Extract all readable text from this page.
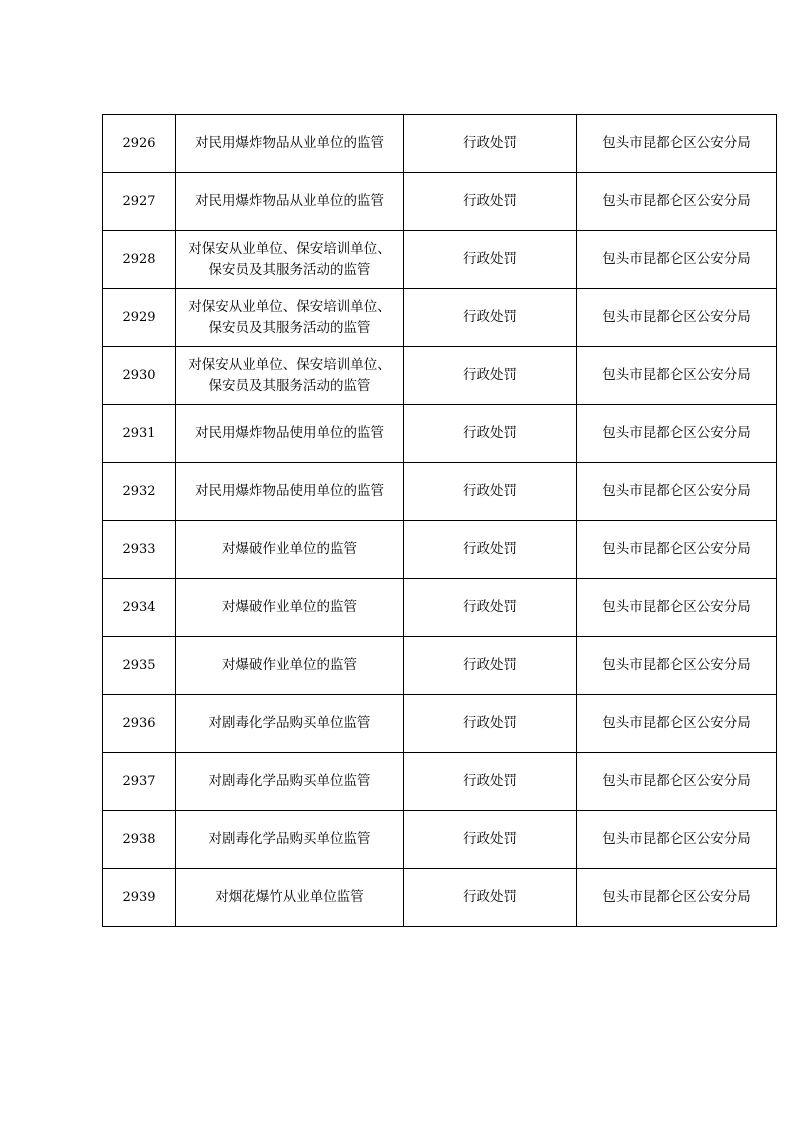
2926	对民用爆炸物品从业单位的监管	行政处罚	包头市昆都仑区公安分局
2927	对民用爆炸物品从业单位的监管	行政处罚	包头市昆都仑区公安分局
2928	对保安从业单位、保安培训单位、保安员及其服务活动的监管	行政处罚	包头市昆都仑区公安分局
2929	对保安从业单位、保安培训单位、保安员及其服务活动的监管	行政处罚	包头市昆都仑区公安分局
2930	对保安从业单位、保安培训单位、保安员及其服务活动的监管	行政处罚	包头市昆都仑区公安分局
2931	对民用爆炸物品使用单位的监管	行政处罚	包头市昆都仑区公安分局
2932	对民用爆炸物品使用单位的监管	行政处罚	包头市昆都仑区公安分局
2933	对爆破作业单位的监管	行政处罚	包头市昆都仑区公安分局
2934	对爆破作业单位的监管	行政处罚	包头市昆都仑区公安分局
2935	对爆破作业单位的监管	行政处罚	包头市昆都仑区公安分局
2936	对剧毒化学品购买单位监管	行政处罚	包头市昆都仑区公安分局
2937	对剧毒化学品购买单位监管	行政处罚	包头市昆都仑区公安分局
2938	对剧毒化学品购买单位监管	行政处罚	包头市昆都仑区公安分局
2939	对烟花爆竹从业单位监管	行政处罚	包头市昆都仑区公安分局
